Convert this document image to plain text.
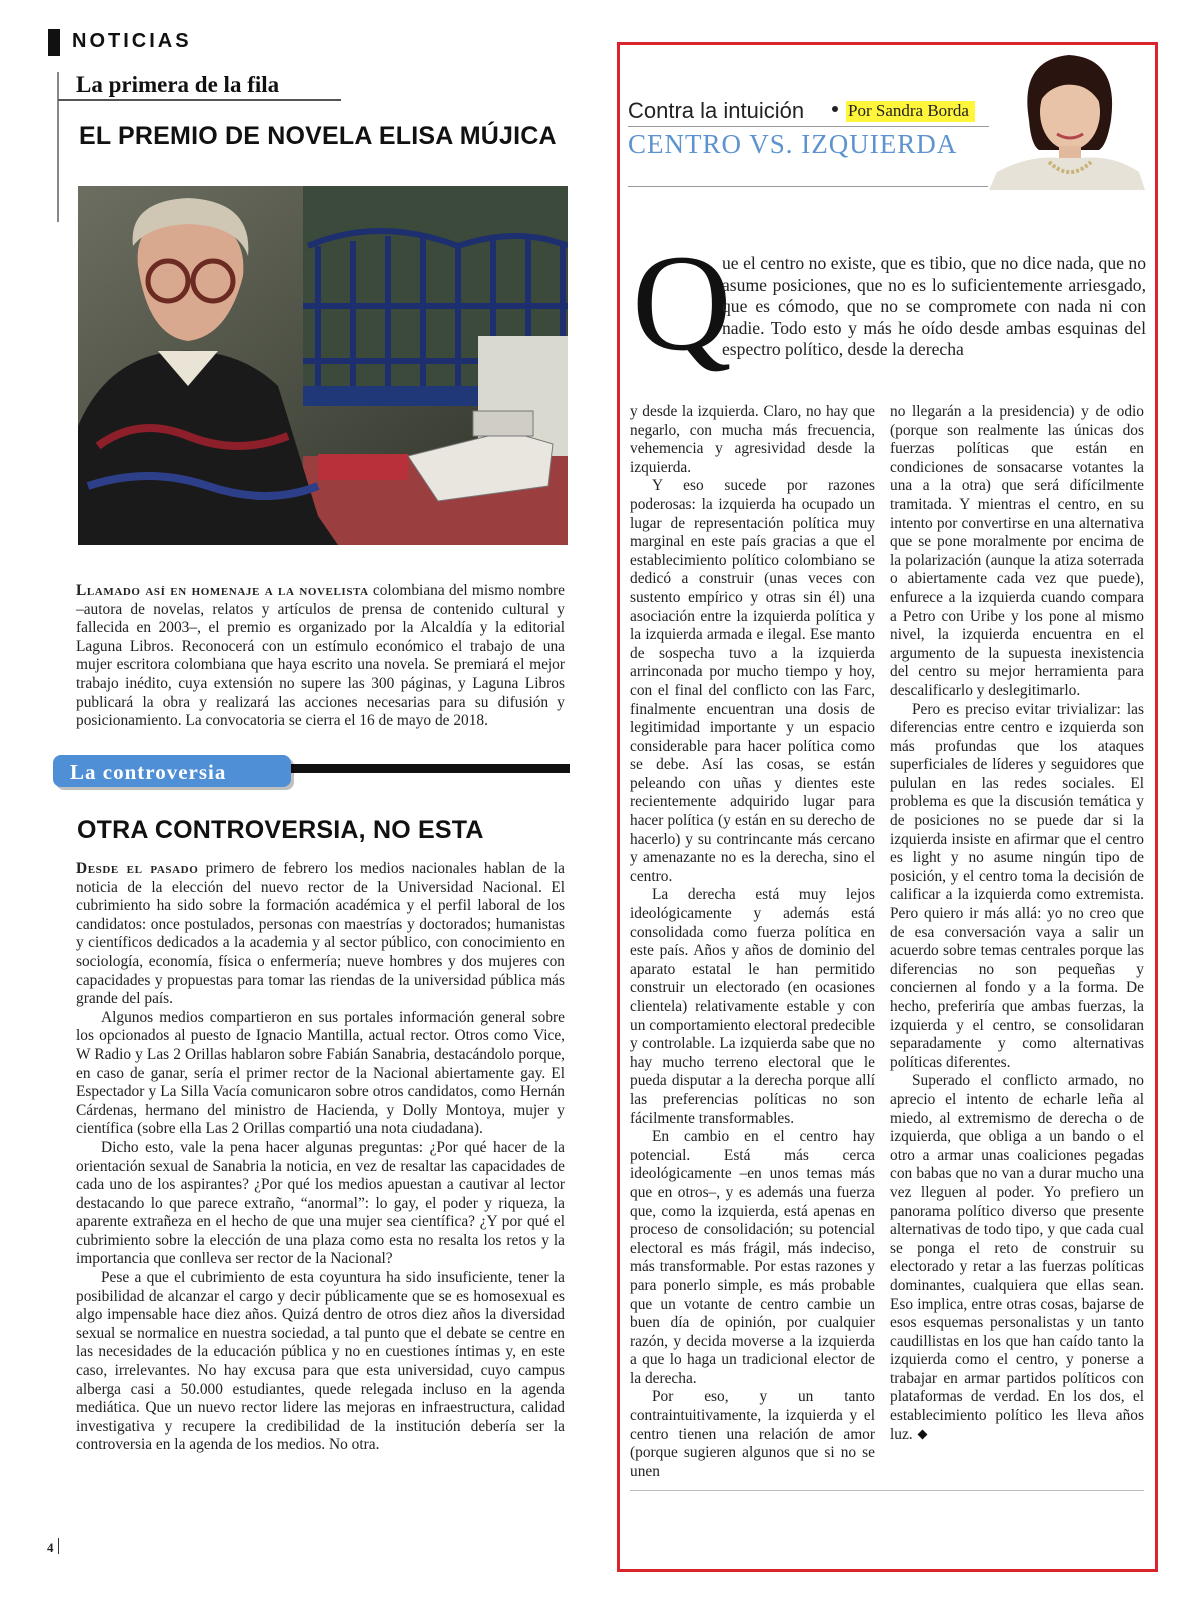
NOTICIAS
La primera de la fila
EL PREMIO DE NOVELA ELISA MÚJICA
Llamado así en homenaje a la novelista colombiana del mismo nombre –autora de novelas, relatos y artículos de prensa de contenido cultural y fallecida en 2003–, el premio es organizado por la Alcaldía y la editorial Laguna Libros. Reconocerá con un estímulo económico el trabajo de una mujer escritora colombiana que haya escrito una novela. Se premiará el mejor trabajo inédito, cuya extensión no supere las 300 páginas, y Laguna Libros publicará la obra y realizará las acciones necesarias para su difusión y posicionamiento. La convocatoria se cierra el 16 de mayo de 2018.
La controversia
OTRA CONTROVERSIA, NO ESTA

Desde el pasado primero de febrero los medios nacionales hablan de la noticia de la elección del nuevo rector de la Universidad Nacional. El cubrimiento ha sido sobre la formación académica y el perfil laboral de los candidatos: once postulados, personas con maestrías y doctorados; humanistas y científicos dedicados a la academia y al sector público, con conocimiento en sociología, economía, física o enfermería; nueve hombres y dos mujeres con capacidades y propuestas para tomar las riendas de la universidad pública más grande del país.

Algunos medios compartieron en sus portales información general sobre los opcionados al puesto de Ignacio Mantilla, actual rector. Otros como Vice, W Radio y Las 2 Orillas hablaron sobre Fabián Sanabria, destacándolo porque, en caso de ganar, sería el primer rector de la Nacional abiertamente gay. El Espectador y La Silla Vacía comunicaron sobre otros candidatos, como Hernán Cárdenas, hermano del ministro de Hacienda, y Dolly Montoya, mujer y científica (sobre ella Las 2 Orillas compartió una nota ciudadana).

Dicho esto, vale la pena hacer algunas preguntas: ¿Por qué hacer de la orientación sexual de Sanabria la noticia, en vez de resaltar las capacidades de cada uno de los aspirantes? ¿Por qué los medios apuestan a cautivar al lector destacando lo que parece extraño, “anormal”: lo gay, el poder y riqueza, la aparente extrañeza en el hecho de que una mujer sea científica? ¿Y por qué el cubrimiento sobre la elección de una plaza como esta no resalta los retos y la importancia que conlleva ser rector de la Nacional?

Pese a que el cubrimiento de esta coyuntura ha sido insuficiente, tener la posibilidad de alcanzar el cargo y decir públicamente que se es homosexual es algo impensable hace diez años. Quizá dentro de otros diez años la diversidad sexual se normalice en nuestra sociedad, a tal punto que el debate se centre en las necesidades de la educación pública y no en cuestiones íntimas y, en este caso, irrelevantes. No hay excusa para que esta universidad, cuyo campus alberga casi a 50.000 estudiantes, quede relegada incluso en la agenda mediática. Que un nuevo rector lidere las mejoras en infraestructura, calidad investigativa y recupere la credibilidad de la institución debería ser la controversia en la agenda de los medios. No otra.

4
Contra la intuición	Por Sandra Borda
CENTRO VS. IZQUIERDA
Q
ue el centro no existe, que es tibio, que no dice nada, que no asume posiciones, que no es lo suficientemente arriesgado, que es cómodo, que no se compromete con nada ni con nadie. Todo esto y más he oído desde ambas esquinas del espectro político, desde la derecha

y desde la izquierda. Claro, no hay que negarlo, con mucha más frecuencia, vehemencia y agresividad desde la izquierda.

Y eso sucede por razones poderosas: la izquierda ha ocupado un lugar de representación política muy marginal en este país gracias a que el establecimiento político colombiano se dedicó a construir (unas veces con sustento empírico y otras sin él) una asociación entre la izquierda política y la izquierda armada e ilegal. Ese manto de sospecha tuvo a la izquierda arrinconada por mucho tiempo y hoy, con el final del conflicto con las Farc, finalmente encuentran una dosis de legitimidad importante y un espacio considerable para hacer política como se debe. Así las cosas, se están peleando con uñas y dientes este recientemente adquirido lugar para hacer política (y están en su derecho de hacerlo) y su contrincante más cercano y amenazante no es la derecha, sino el centro.

La derecha está muy lejos ideológicamente y además está consolidada como fuerza política en este país. Años y años de dominio del aparato estatal le han permitido construir un electorado (en ocasiones clientela) relativamente estable y con un comportamiento electoral predecible y controlable. La izquierda sabe que no hay mucho terreno electoral que le pueda disputar a la derecha porque allí las preferencias políticas no son fácilmente transformables.

En cambio en el centro hay potencial. Está más cerca ideológicamente –en unos temas más que en otros–, y es además una fuerza que, como la izquierda, está apenas en proceso de consolidación; su potencial electoral es más frágil, más indeciso, más transformable. Por estas razones y para ponerlo simple, es más probable que un votante de centro cambie un buen día de opinión, por cualquier razón, y decida moverse a la izquierda a que lo haga un tradicional elector de la derecha.

Por eso, y un tanto contraintuitivamente, la izquierda y el centro tienen una relación de amor (porque sugieren algunos que si no se unen

no llegarán a la presidencia) y de odio (porque son realmente las únicas dos fuerzas políticas que están en condiciones de sonsacarse votantes la una a la otra) que será difícilmente tramitada. Y mientras el centro, en su intento por convertirse en una alternativa que se pone moralmente por encima de la polarización (aunque la atiza soterrada o abiertamente cada vez que puede), enfurece a la izquierda cuando compara a Petro con Uribe y los pone al mismo nivel, la izquierda encuentra en el argumento de la supuesta inexistencia del centro su mejor herramienta para descalificarlo y deslegitimarlo.

Pero es preciso evitar trivializar: las diferencias entre centro e izquierda son más profundas que los ataques superficiales de líderes y seguidores que pululan en las redes sociales. El problema es que la discusión temática y de posiciones no se puede dar si la izquierda insiste en afirmar que el centro es light y no asume ningún tipo de posición, y el centro toma la decisión de calificar a la izquierda como extremista. Pero quiero ir más allá: yo no creo que de esa conversación vaya a salir un acuerdo sobre temas centrales porque las diferencias no son pequeñas y conciernen al fondo y a la forma. De hecho, preferiría que ambas fuerzas, la izquierda y el centro, se consolidaran separadamente y como alternativas políticas diferentes.

Superado el conflicto armado, no aprecio el intento de echarle leña al miedo, al extremismo de derecha o de izquierda, que obliga a un bando o el otro a armar unas coaliciones pegadas con babas que no van a durar mucho una vez lleguen al poder. Yo prefiero un panorama político diverso que presente alternativas de todo tipo, y que cada cual se ponga el reto de construir su electorado y retar a las fuerzas políticas dominantes, cualquiera que ellas sean. Eso implica, entre otras cosas, bajarse de esos esquemas personalistas y un tanto caudillistas en los que han caído tanto la izquierda como el centro, y ponerse a trabajar en armar partidos políticos con plataformas de verdad. En los dos, el establecimiento político les lleva años luz.
